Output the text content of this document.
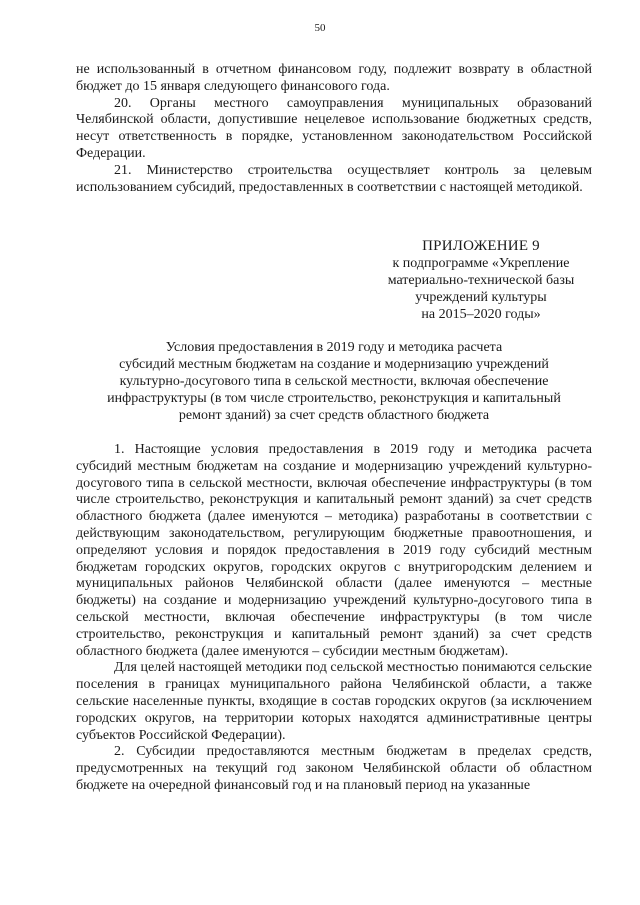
50

не использованный в отчетном финансовом году, подлежит возврату в областной бюджет до 15 января следующего финансового года.

20. Органы местного самоуправления муниципальных образований Челябинской области, допустившие нецелевое использование бюджетных средств, несут ответственность в порядке, установленном законодательством Российской Федерации.

21. Министерство строительства осуществляет контроль за целевым использованием субсидий, предоставленных в соответствии с настоящей методикой.

ПРИЛОЖЕНИЕ 9
к подпрограмме «Укрепление
материально-технической базы
учреждений культуры
на 2015–2020 годы»
Условия предоставления в 2019 году и методика расчета
субсидий местным бюджетам на создание и модернизацию учреждений
культурно-досугового типа в сельской местности, включая обеспечение
инфраструктуры (в том числе строительство, реконструкция и капитальный
ремонт зданий) за счет средств областного бюджета

1. Настоящие условия предоставления в 2019 году и методика расчета субсидий местным бюджетам на создание и модернизацию учреждений культурно-досугового типа в сельской местности, включая обеспечение инфраструктуры (в том числе строительство, реконструкция и капитальный ремонт зданий) за счет средств областного бюджета (далее именуются – методика) разработаны в соответствии с действующим законодательством, регулирующим бюджетные правоотношения, и определяют условия и порядок предоставления в 2019 году субсидий местным бюджетам городских округов, городских округов с внутригородским делением и муниципальных районов Челябинской области (далее именуются – местные бюджеты) на создание и модернизацию учреждений культурно-досугового типа в сельской местности, включая обеспечение инфраструктуры (в том числе строительство, реконструкция и капитальный ремонт зданий) за счет средств областного бюджета (далее именуются – субсидии местным бюджетам).

Для целей настоящей методики под сельской местностью понимаются сельские поселения в границах муниципального района Челябинской области, а также сельские населенные пункты, входящие в состав городских округов (за исключением городских округов, на территории которых находятся административные центры субъектов Российской Федерации).

2. Субсидии предоставляются местным бюджетам в пределах средств, предусмотренных на текущий год законом Челябинской области об областном бюджете на очередной финансовый год и на плановый период на указанные
